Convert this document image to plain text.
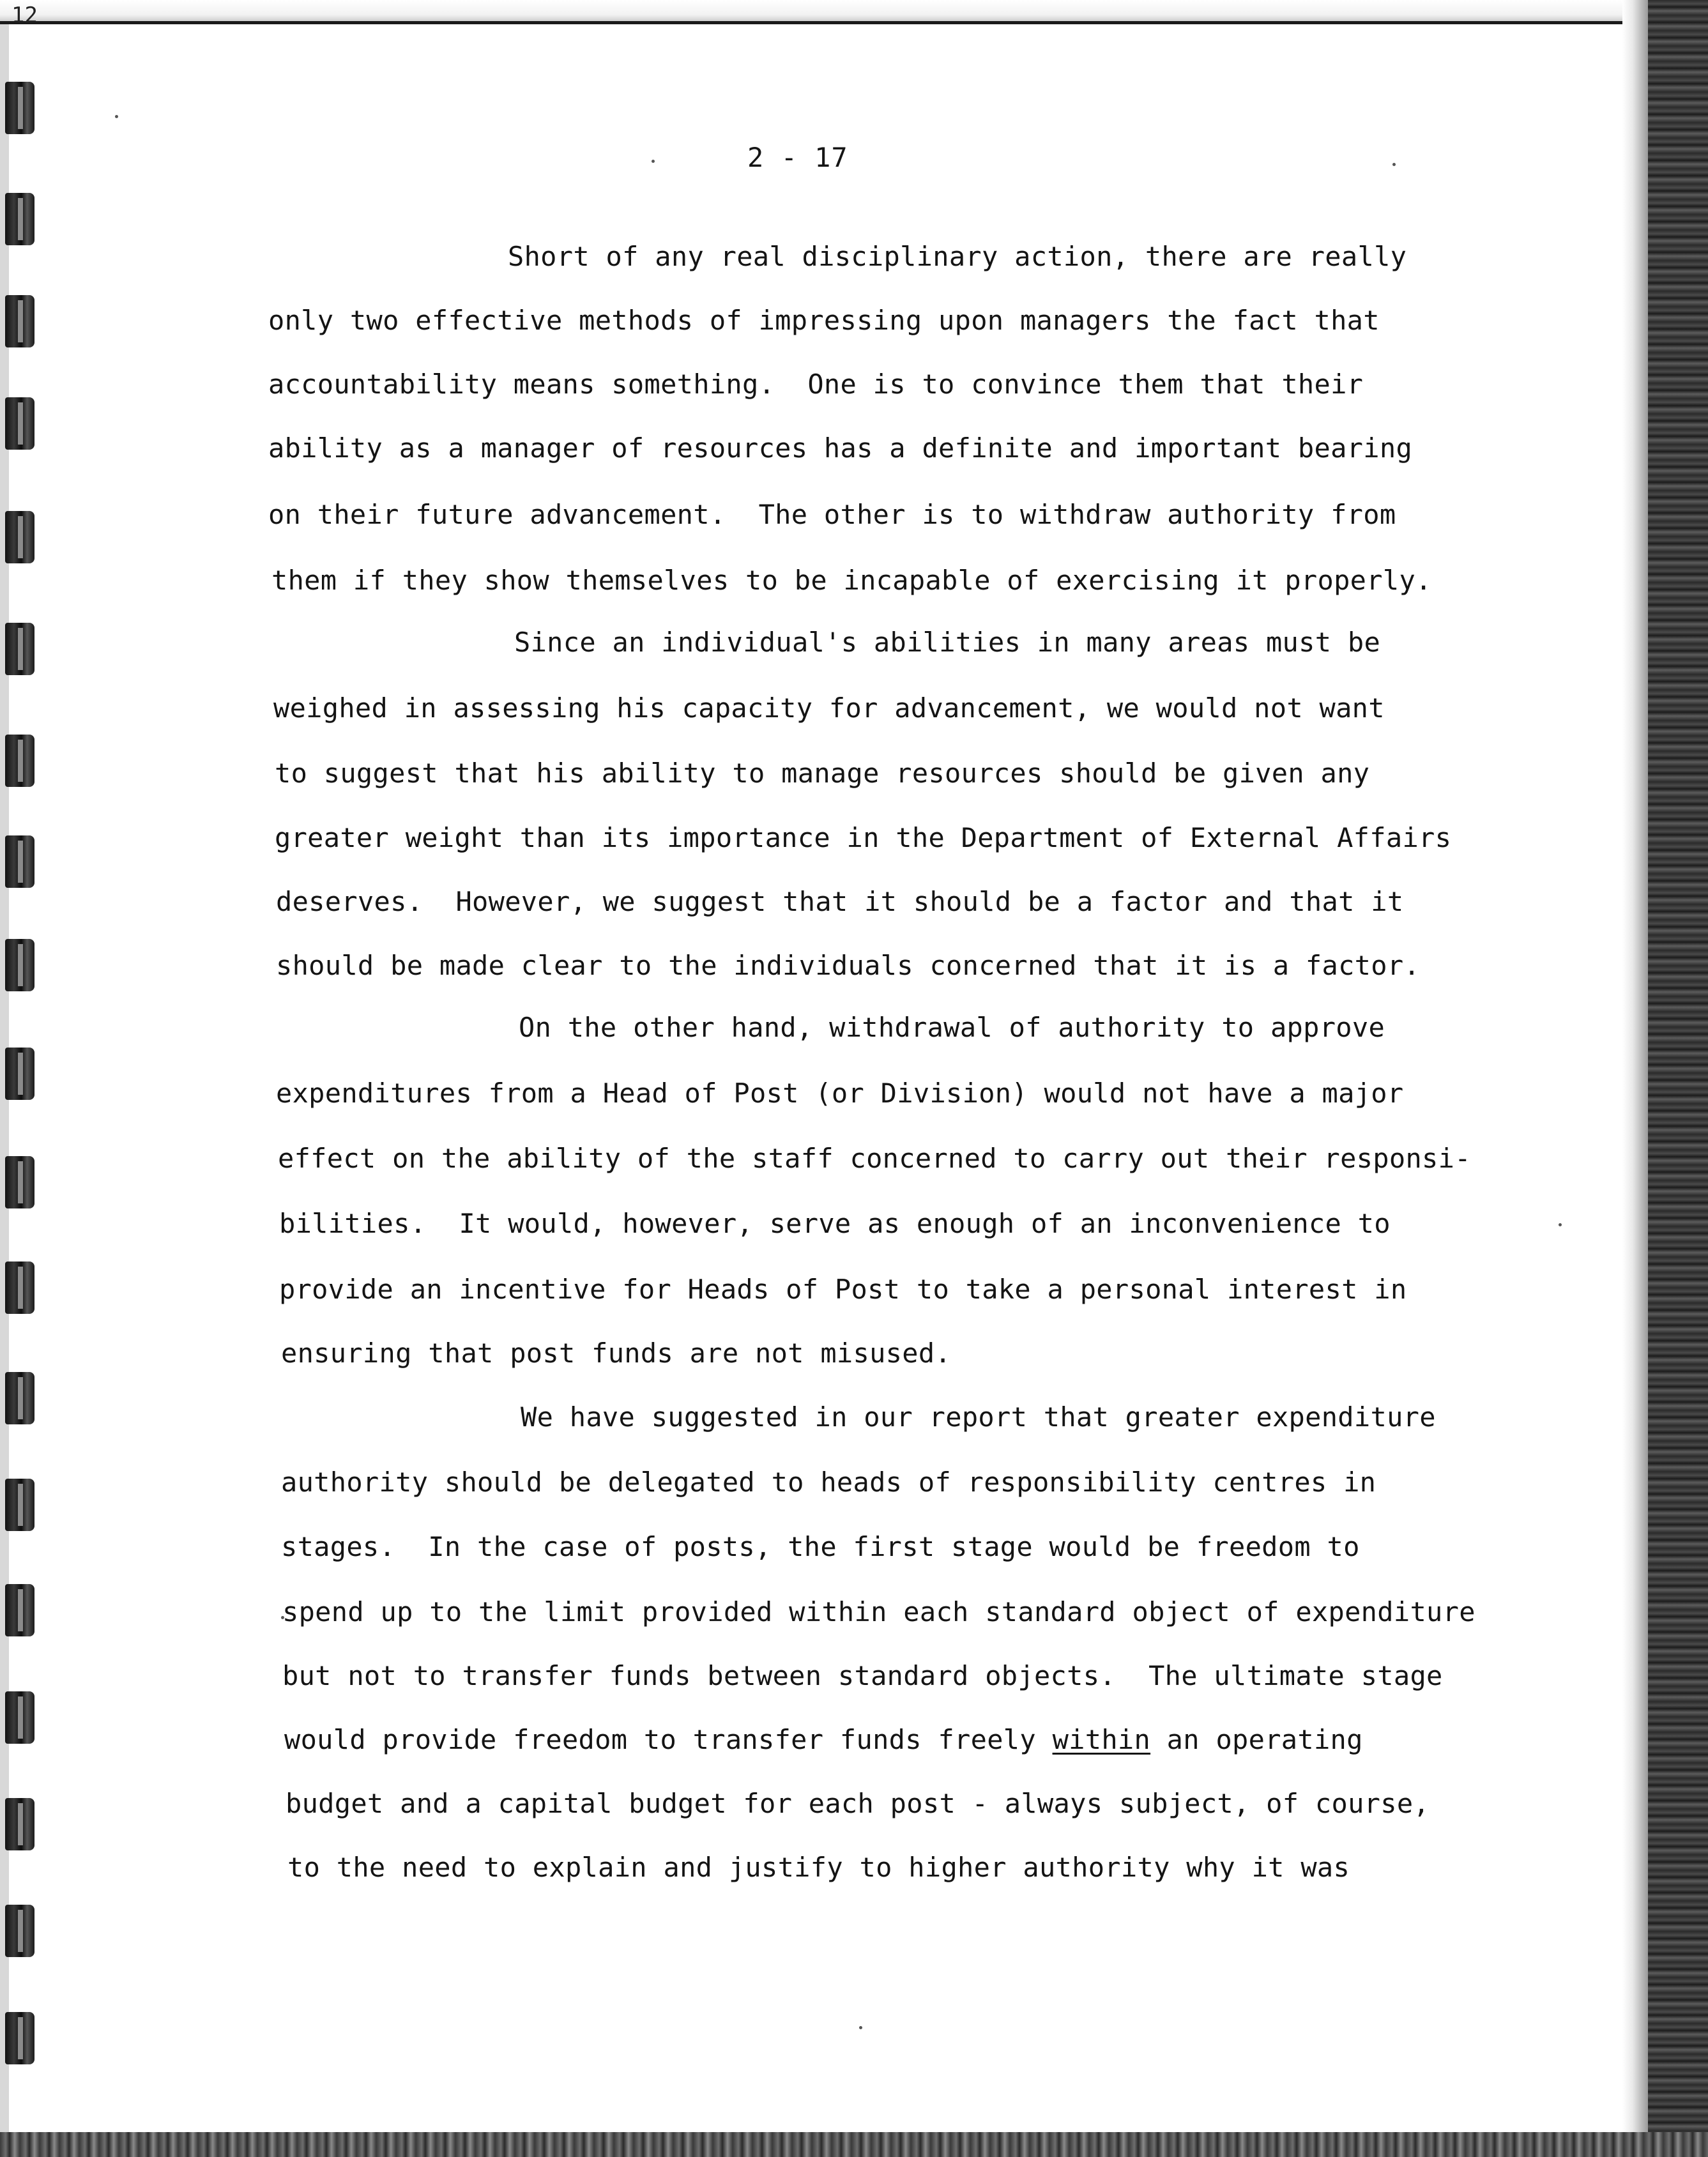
12
2 - 17
Short of any real disciplinary action, there are really
only two effective methods of impressing upon managers the fact that
accountability means something.  One is to convince them that their
ability as a manager of resources has a definite and important bearing
on their future advancement.  The other is to withdraw authority from
them if they show themselves to be incapable of exercising it properly.
Since an individual's abilities in many areas must be
weighed in assessing his capacity for advancement, we would not want
to suggest that his ability to manage resources should be given any
greater weight than its importance in the Department of External Affairs
deserves.  However, we suggest that it should be a factor and that it
should be made clear to the individuals concerned that it is a factor.
On the other hand, withdrawal of authority to approve
expenditures from a Head of Post (or Division) would not have a major
effect on the ability of the staff concerned to carry out their responsi-
bilities.  It would, however, serve as enough of an inconvenience to
provide an incentive for Heads of Post to take a personal interest in
ensuring that post funds are not misused.
We have suggested in our report that greater expenditure
authority should be delegated to heads of responsibility centres in
stages.  In the case of posts, the first stage would be freedom to
spend up to the limit provided within each standard object of expenditure
but not to transfer funds between standard objects.  The ultimate stage
would provide freedom to transfer funds freely within an operating
budget and a capital budget for each post - always subject, of course,
to the need to explain and justify to higher authority why it was
